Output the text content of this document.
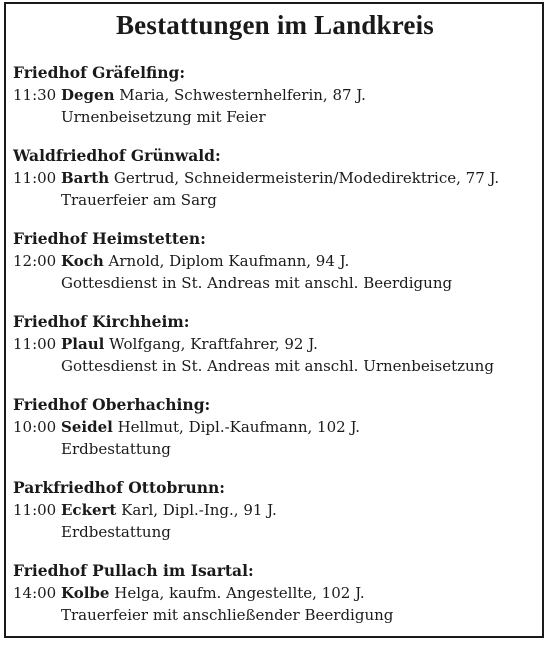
Bestattungen im Landkreis
Friedhof Gräfelfing:
11:30 Degen Maria, Schwesternhelferin, 87 J.
Urnenbeisetzung mit Feier
Waldfriedhof Grünwald:
11:00 Barth Gertrud, Schneidermeisterin/Modedirektrice, 77 J.
Trauerfeier am Sarg
Friedhof Heimstetten:
12:00 Koch Arnold, Diplom Kaufmann, 94 J.
Gottesdienst in St. Andreas mit anschl. Beerdigung
Friedhof Kirchheim:
11:00 Plaul Wolfgang, Kraftfahrer, 92 J.
Gottesdienst in St. Andreas mit anschl. Urnenbeisetzung
Friedhof Oberhaching:
10:00 Seidel Hellmut, Dipl.-Kaufmann, 102 J.
Erdbestattung
Parkfriedhof Ottobrunn:
11:00 Eckert Karl, Dipl.-Ing., 91 J.
Erdbestattung
Friedhof Pullach im Isartal:
14:00 Kolbe Helga, kaufm. Angestellte, 102 J.
Trauerfeier mit anschließender Beerdigung
